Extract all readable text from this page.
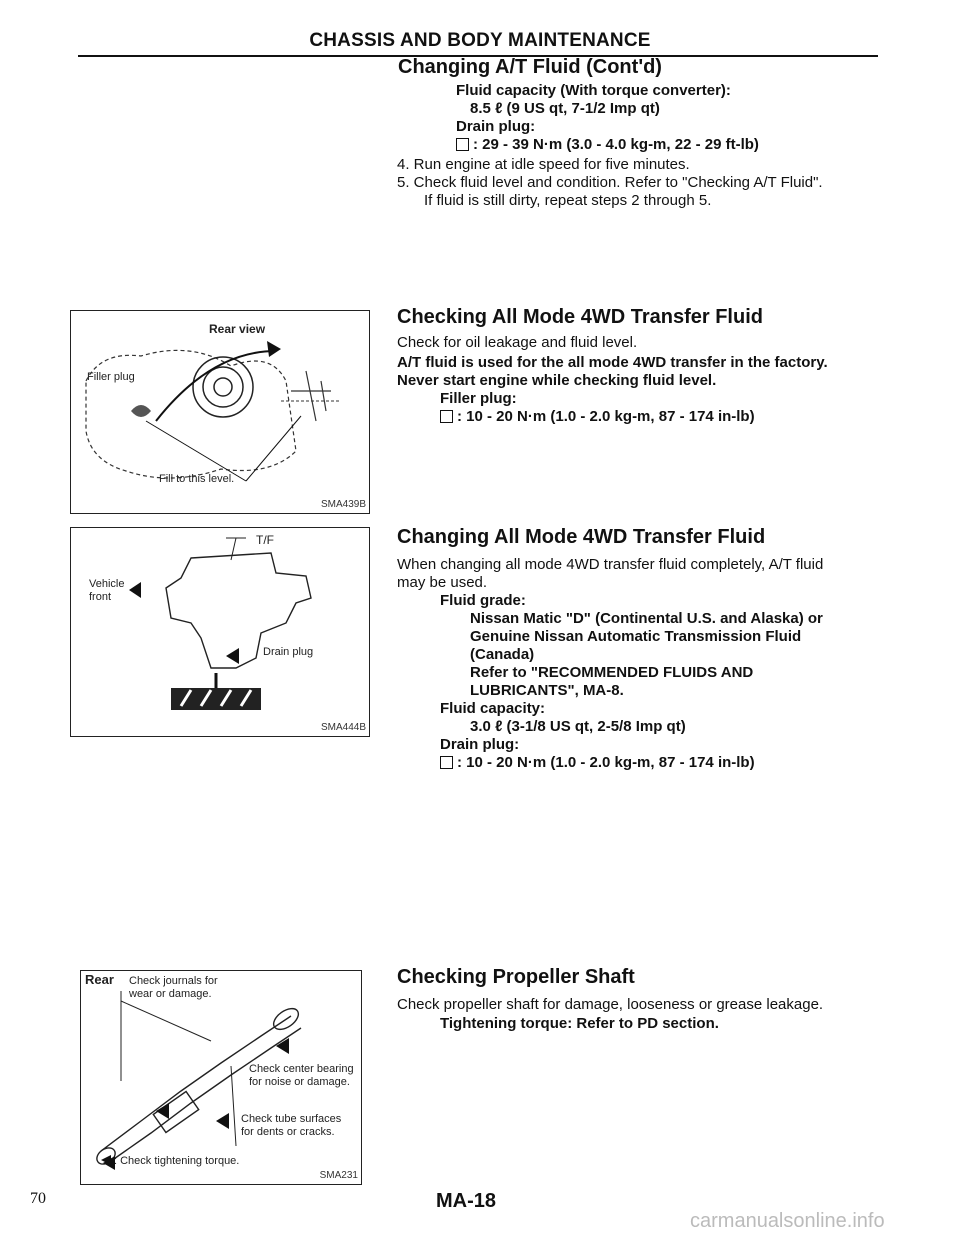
CHASSIS AND BODY MAINTENANCE
Changing A/T Fluid (Cont'd)
Fluid capacity (With torque converter):
8.5 ℓ (9 US qt, 7-1/2 Imp qt)
Drain plug:
: 29 - 39 N·m (3.0 - 4.0 kg-m, 22 - 29 ft-lb)
4. Run engine at idle speed for five minutes.
5. Check fluid level and condition. Refer to "Checking A/T Fluid".
If fluid is still dirty, repeat steps 2 through 5.
Checking All Mode 4WD Transfer Fluid
Check for oil leakage and fluid level.
A/T fluid is used for the all mode 4WD transfer in the factory.
Never start engine while checking fluid level.
Filler plug:
: 10 - 20 N·m (1.0 - 2.0 kg-m, 87 - 174 in-lb)
Changing All Mode 4WD Transfer Fluid
When changing all mode 4WD transfer fluid completely, A/T fluid
may be used.
Fluid grade:
Nissan Matic "D" (Continental U.S. and Alaska) or
Genuine Nissan Automatic Transmission Fluid
(Canada)
Refer to "RECOMMENDED FLUIDS AND
LUBRICANTS", MA-8.
Fluid capacity:
3.0 ℓ (3-1/8 US qt, 2-5/8 Imp qt)
Drain plug:
: 10 - 20 N·m (1.0 - 2.0 kg-m, 87 - 174 in-lb)
Checking Propeller Shaft
Check propeller shaft for damage, looseness or grease leakage.
Tightening torque: Refer to PD section.
Rear view
Filler plug
Fill to this level.
SMA439B
T/F
Vehicle
front
Drain plug
SMA444B
Rear Check journals for
wear or damage.
Check center bearing
for noise or damage.
Check tube surfaces
for dents or cracks.
: Check tightening torque.
SMA231
70	MA-18
carmanualsonline.info
